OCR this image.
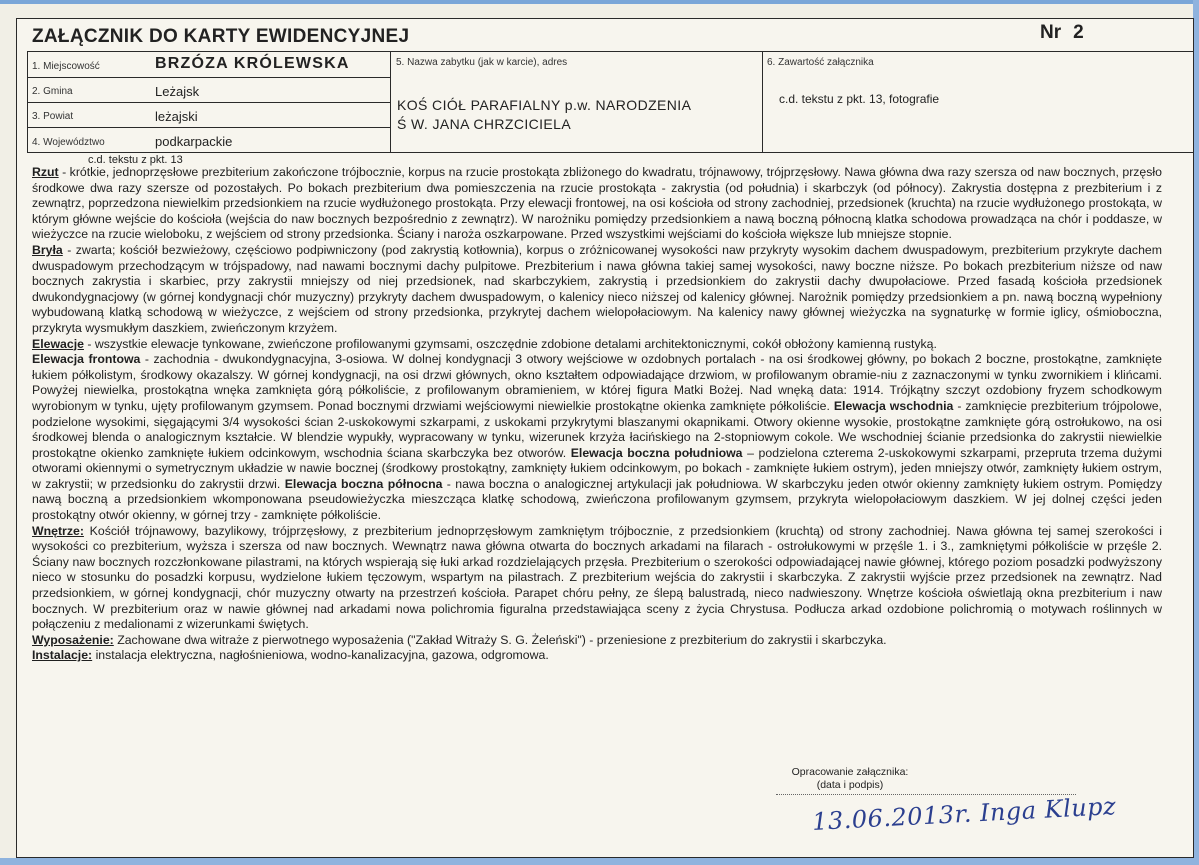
ZAŁĄCZNIK DO KARTY EWIDENCYJNEJ	Nr 2
1. Miejscowość	BRZÓZA KRÓLEWSKA
2. Gmina	Leżajsk
3. Powiat	leżajski
4. Województwo	podkarpackie
5. Nazwa zabytku (jak w karcie), adres
KOŚ CIÓŁ PARAFIALNY p.w. NARODZENIA
Ś W. JANA CHRZCICIELA
6. Zawartość załącznika
c.d. tekstu z pkt. 13, fotografie
c.d. tekstu z pkt. 13

Rzut - krótkie, jednoprzęsłowe prezbiterium zakończone trójbocznie, korpus na rzucie prostokąta zbliżonego do kwadratu, trójnawowy, trójprzęsłowy. Nawa główna dwa razy szersza od naw bocznych, przęsło środkowe dwa razy szersze od pozostałych. Po bokach prezbiterium dwa pomieszczenia na rzucie prostokąta - zakrystia (od południa) i skarbczyk (od północy). Zakrystia dostępna z prezbiterium i z zewnątrz, poprzedzona niewielkim przedsionkiem na rzucie wydłużonego prostokąta. Przy elewacji frontowej, na osi kościoła od strony zachodniej, przedsionek (kruchta) na rzucie wydłużonego prostokąta, w którym główne wejście do kościoła (wejścia do naw bocznych bezpośrednio z zewnątrz). W narożniku pomiędzy przedsionkiem a nawą boczną północną klatka schodowa prowadząca na chór i poddasze, w wieżyczce na rzucie wieloboku, z wejściem od strony przedsionka. Ściany i naroża oszkarpowane. Przed wszystkimi wejściami do kościoła większe lub mniejsze stopnie.

Bryła - zwarta; kościół bezwieżowy, częściowo podpiwniczony (pod zakrystią kotłownia), korpus o zróżnicowanej wysokości naw przykryty wysokim dachem dwuspadowym, prezbiterium przykryte dachem dwuspadowym przechodzącym w trójspadowy, nad nawami bocznymi dachy pulpitowe. Prezbiterium i nawa główna takiej samej wysokości, nawy boczne niższe. Po bokach prezbiterium niższe od naw bocznych zakrystia i skarbiec, przy zakrystii mniejszy od niej przedsionek, nad skarbczykiem, zakrystią i przedsionkiem do zakrystii dachy dwupołaciowe. Przed fasadą kościoła przedsionek dwukondygnacjowy (w górnej kondygnacji chór muzyczny) przykryty dachem dwuspadowym, o kalenicy nieco niższej od kalenicy głównej. Narożnik pomiędzy przedsionkiem a pn. nawą boczną wypełniony wybudowaną klatką schodową w wieżyczce, z wejściem od strony przedsionka, przykrytej dachem wielopołaciowym. Na kalenicy nawy głównej wieżyczka na sygnaturkę w formie iglicy, ośmioboczna, przykryta wysmukłym daszkiem, zwieńczonym krzyżem.

Elewacje - wszystkie elewacje tynkowane, zwieńczone profilowanymi gzymsami, oszczędnie zdobione detalami architektonicznymi, cokół obłożony kamienną rustyką.

Elewacja frontowa - zachodnia - dwukondygnacyjna, 3-osiowa. W dolnej kondygnacji 3 otwory wejściowe w ozdobnych portalach - na osi środkowej główny, po bokach 2 boczne, prostokątne, zamknięte łukiem półkolistym, środkowy okazalszy. W górnej kondygnacji, na osi drzwi głównych, okno kształtem odpowiadające drzwiom, w profilowanym obramie-niu z zaznaczonymi w tynku zwornikiem i klińcami. Powyżej niewielka, prostokątna wnęka zamknięta górą półkoliście, z profilowanym obramieniem, w której figura Matki Bożej. Nad wnęką data: 1914. Trójkątny szczyt ozdobiony fryzem schodkowym wyrobionym w tynku, ujęty profilowanym gzymsem. Ponad bocznymi drzwiami wejściowymi niewielkie prostokątne okienka zamknięte półkoliście. Elewacja wschodnia - zamknięcie prezbiterium trójpolowe, podzielone wysokimi, sięgającymi 3/4 wysokości ścian 2-uskokowymi szkarpami, z uskokami przykrytymi blaszanymi okapnikami. Otwory okienne wysokie, prostokątne zamknięte górą ostrołukowo, na osi środkowej blenda o analogicznym kształcie. W blendzie wypukły, wypracowany w tynku, wizerunek krzyża łacińskiego na 2-stopniowym cokole. We wschodniej ścianie przedsionka do zakrystii niewielkie prostokątne okienko zamknięte łukiem odcinkowym, wschodnia ściana skarbczyka bez otworów. Elewacja boczna południowa – podzielona czterema 2-uskokowymi szkarpami, przepruta trzema dużymi otworami okiennymi o symetrycznym układzie w nawie bocznej (środkowy prostokątny, zamknięty łukiem odcinkowym, po bokach - zamknięte łukiem ostrym), jeden mniejszy otwór, zamknięty łukiem ostrym, w zakrystii; w przedsionku do zakrystii drzwi. Elewacja boczna północna - nawa boczna o analogicznej artykulacji jak południowa. W skarbczyku jeden otwór okienny zamknięty łukiem ostrym. Pomiędzy nawą boczną a przedsionkiem wkomponowana pseudowieżyczka mieszcząca klatkę schodową, zwieńczona profilowanym gzymsem, przykryta wielopołaciowym daszkiem. W jej dolnej części jeden prostokątny otwór okienny, w górnej trzy - zamknięte półkoliście.

Wnętrze: Kościół trójnawowy, bazylikowy, trójprzęsłowy, z prezbiterium jednoprzęsłowym zamkniętym trójbocznie, z przedsionkiem (kruchtą) od strony zachodniej. Nawa główna tej samej szerokości i wysokości co prezbiterium, wyższa i szersza od naw bocznych. Wewnątrz nawa główna otwarta do bocznych arkadami na filarach - ostrołukowymi w przęśle 1. i 3., zamkniętymi półkoliście w przęśle 2. Ściany naw bocznych rozczłonkowane pilastrami, na których wspierają się łuki arkad rozdzielających przęsła. Prezbiterium o szerokości odpowiadającej nawie głównej, którego poziom posadzki podwyższony nieco w stosunku do posadzki korpusu, wydzielone łukiem tęczowym, wspartym na pilastrach. Z prezbiterium wejścia do zakrystii i skarbczyka. Z zakrystii wyjście przez przedsionek na zewnątrz. Nad przedsionkiem, w górnej kondygnacji, chór muzyczny otwarty na przestrzeń kościoła. Parapet chóru pełny, ze ślepą balustradą, nieco nadwieszony. Wnętrze kościoła oświetlają okna prezbiterium i naw bocznych. W prezbiterium oraz w nawie głównej nad arkadami nowa polichromia figuralna przedstawiająca sceny z życia Chrystusa. Podłucza arkad ozdobione polichromią o motywach roślinnych w połączeniu z medalionami z wizerunkami świętych.

Wyposażenie: Zachowane dwa witraże z pierwotnego wyposażenia ("Zakład Witraży S. G. Żeleński") - przeniesione z prezbiterium do zakrystii i skarbczyka.

Instalacje: instalacja elektryczna, nagłośnieniowa, wodno-kanalizacyjna, gazowa, odgromowa.

Opracowanie załącznika:
(data i podpis)
13.06.2013r. Inga Klupz
